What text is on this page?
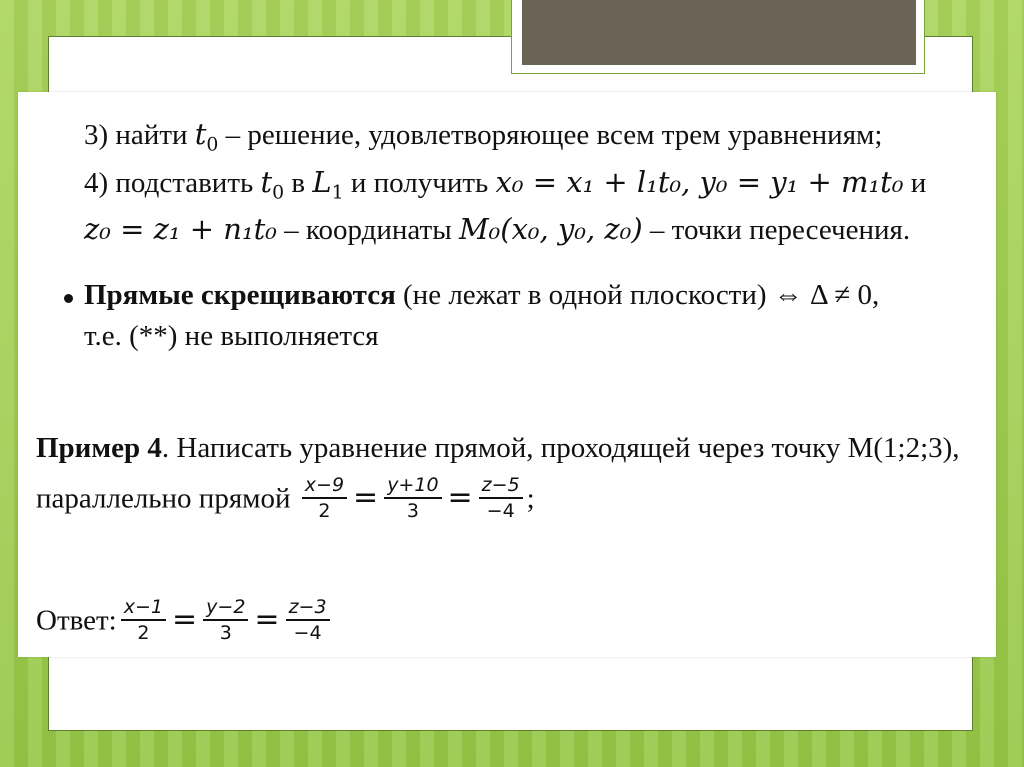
3) найти $t_0$ – решение, удовлетворяющее всем трем уравнениям;
4) подставить $t_0$ в $L_1$ и получить x₀ = x₁ + l₁t₀, y₀ = y₁ + m₁t₀ и
z₀ = z₁ + n₁t₀ – координаты M₀(x₀, y₀, z₀) – точки пересечения.
Прямые скрещиваются (не лежат в одной плоскости) ⇔ Δ ≠ 0,
т.е. (**) не выполняется
Пример 4. Написать уравнение прямой, проходящей через точку М(1;2;3),
параллельно прямой $\frac{x-9}{2} = \frac{y+10}{3} = \frac{z-5}{-4}$ ;
Ответ: $\frac{x-1}{2} = \frac{y-2}{3} = \frac{z-3}{-4}$
